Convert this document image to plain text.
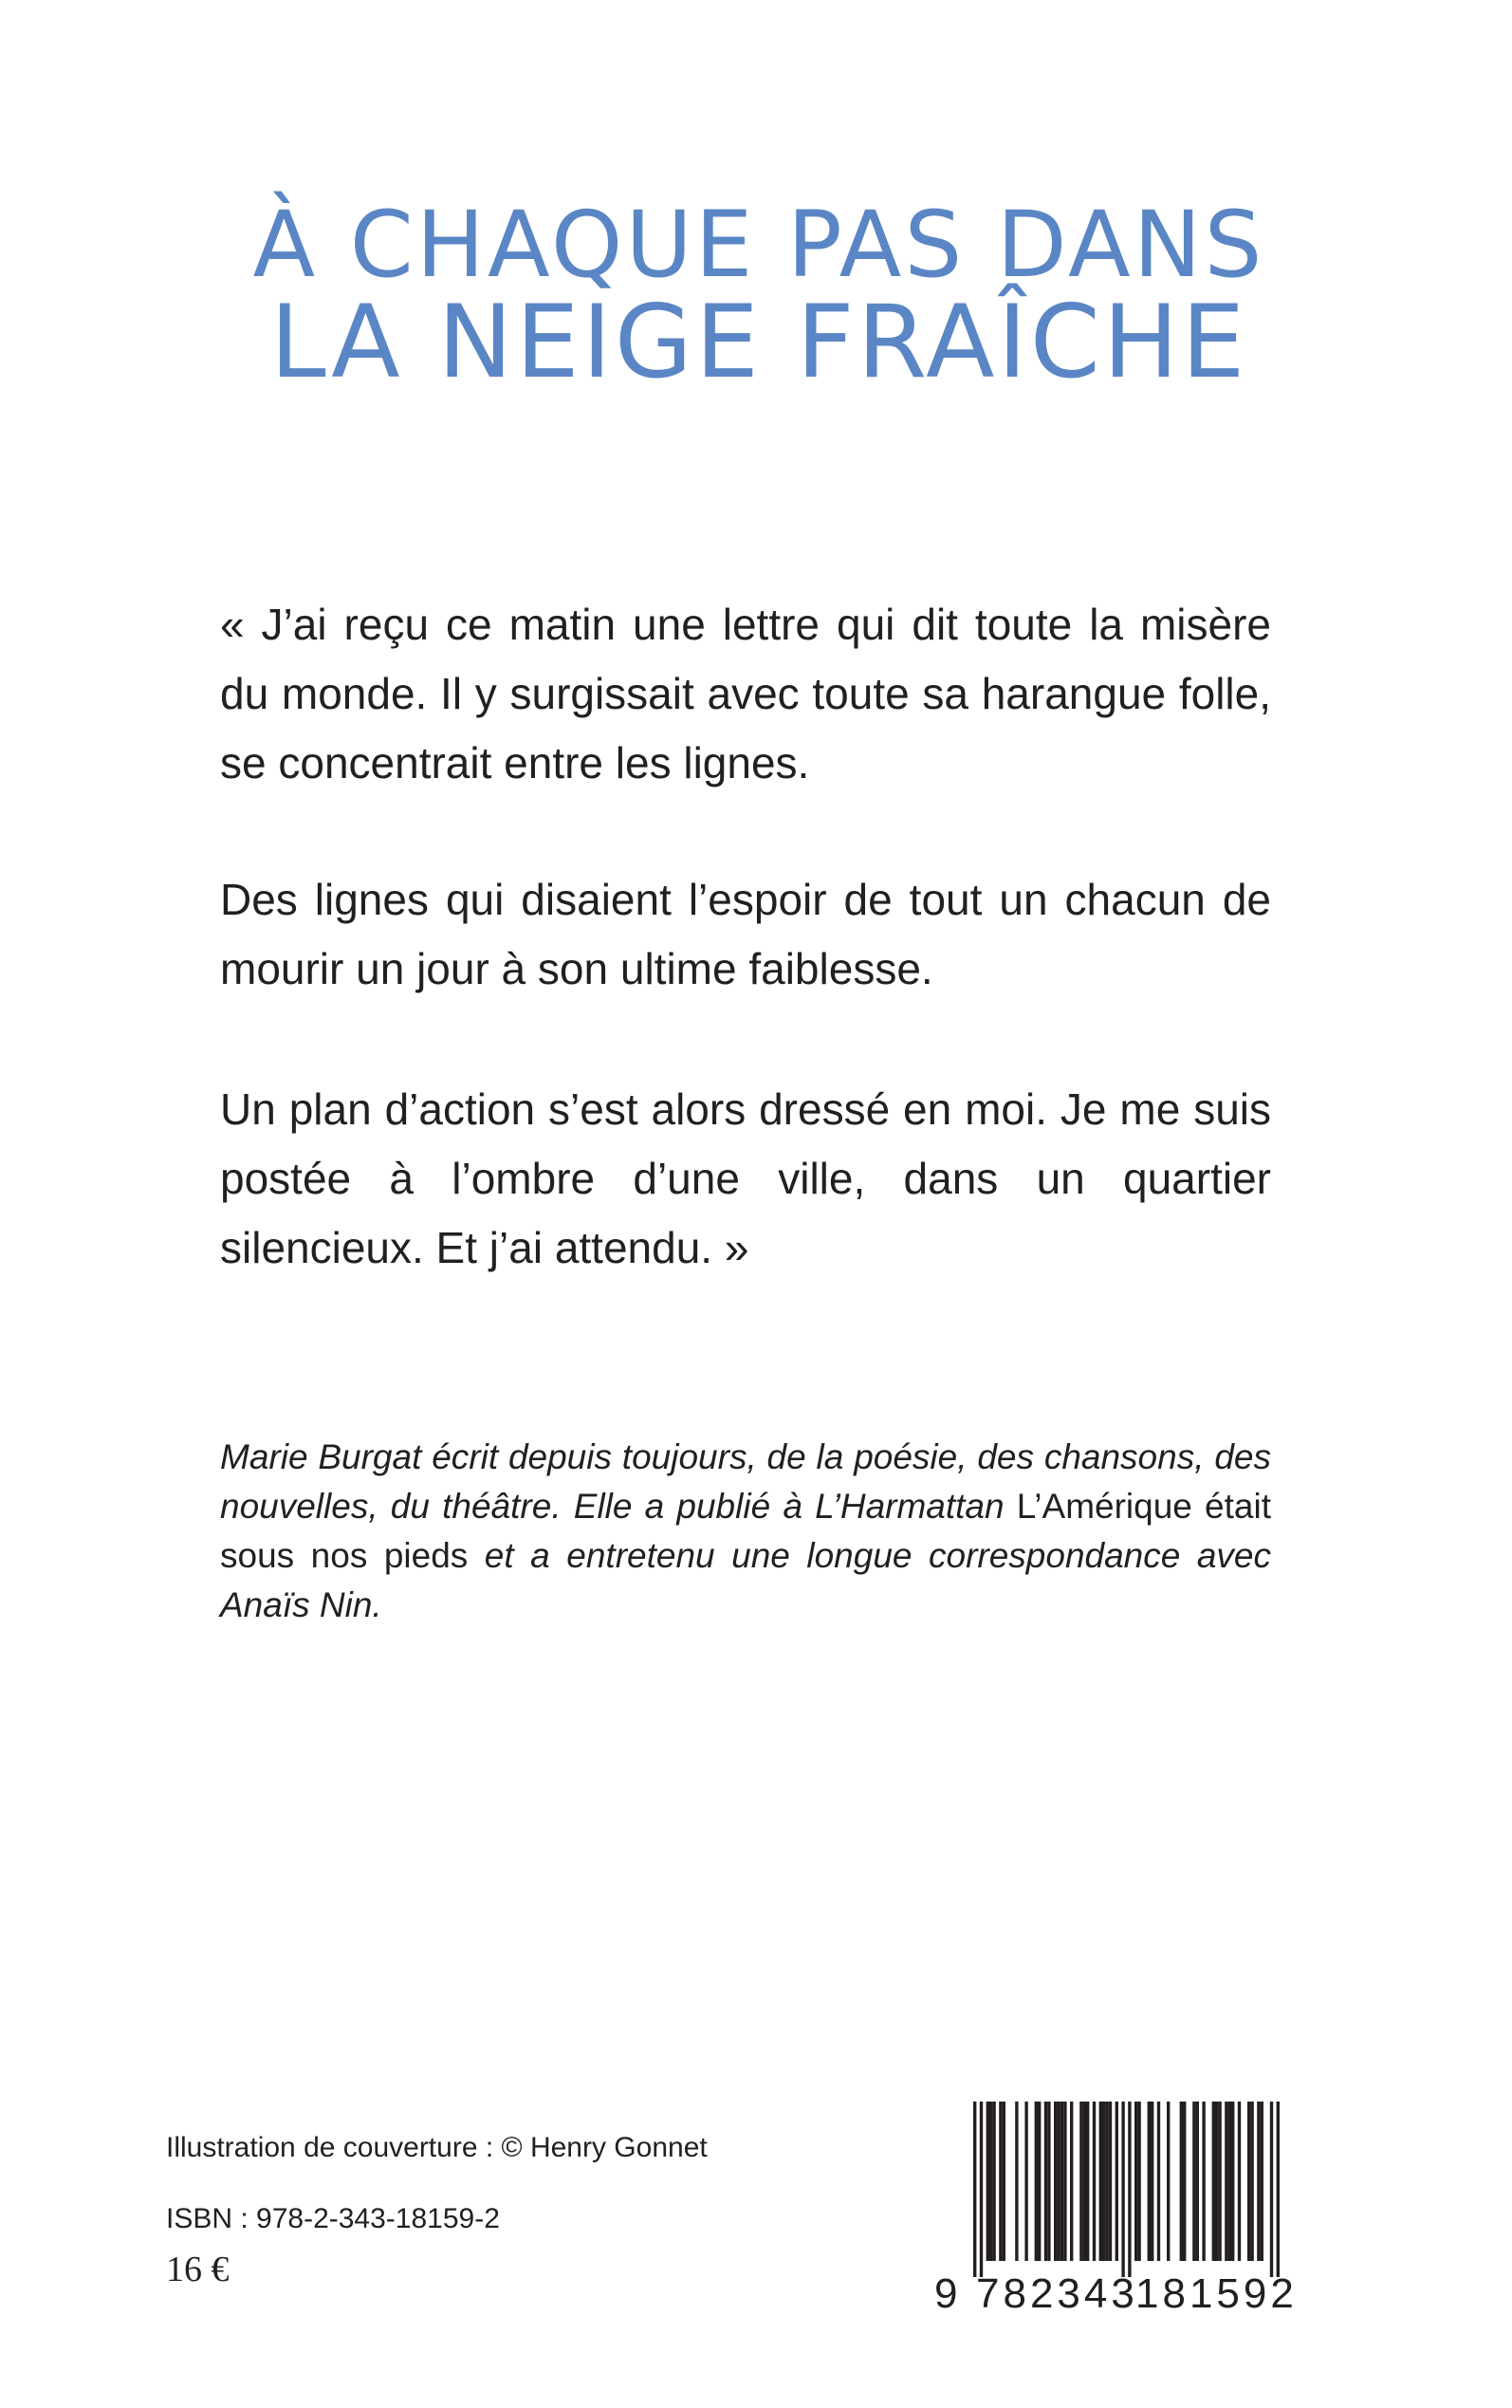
À CHAQUE PAS DANS
LA NEIGE FRAÎCHE

« J’ai reçu ce matin une lettre qui dit toute la misère du monde. Il y surgissait avec toute sa harangue folle, se concentrait entre les lignes.

Des lignes qui disaient l’espoir de tout un chacun de mourir un jour à son ultime faiblesse.

Un plan d’action s’est alors dressé en moi. Je me suis postée à l’ombre d’une ville, dans un quartier silencieux. Et j’ai attendu. »

Marie Burgat écrit depuis toujours, de la poésie, des chansons, des nouvelles, du théâtre. Elle a publié à L’Harmattan L’Amérique était sous nos pieds et a entretenu une longue correspondance avec Anaïs Nin.

Illustration de couverture : © Henry Gonnet

ISBN : 978-2-343-18159-2

16 €

9 782343
181592
